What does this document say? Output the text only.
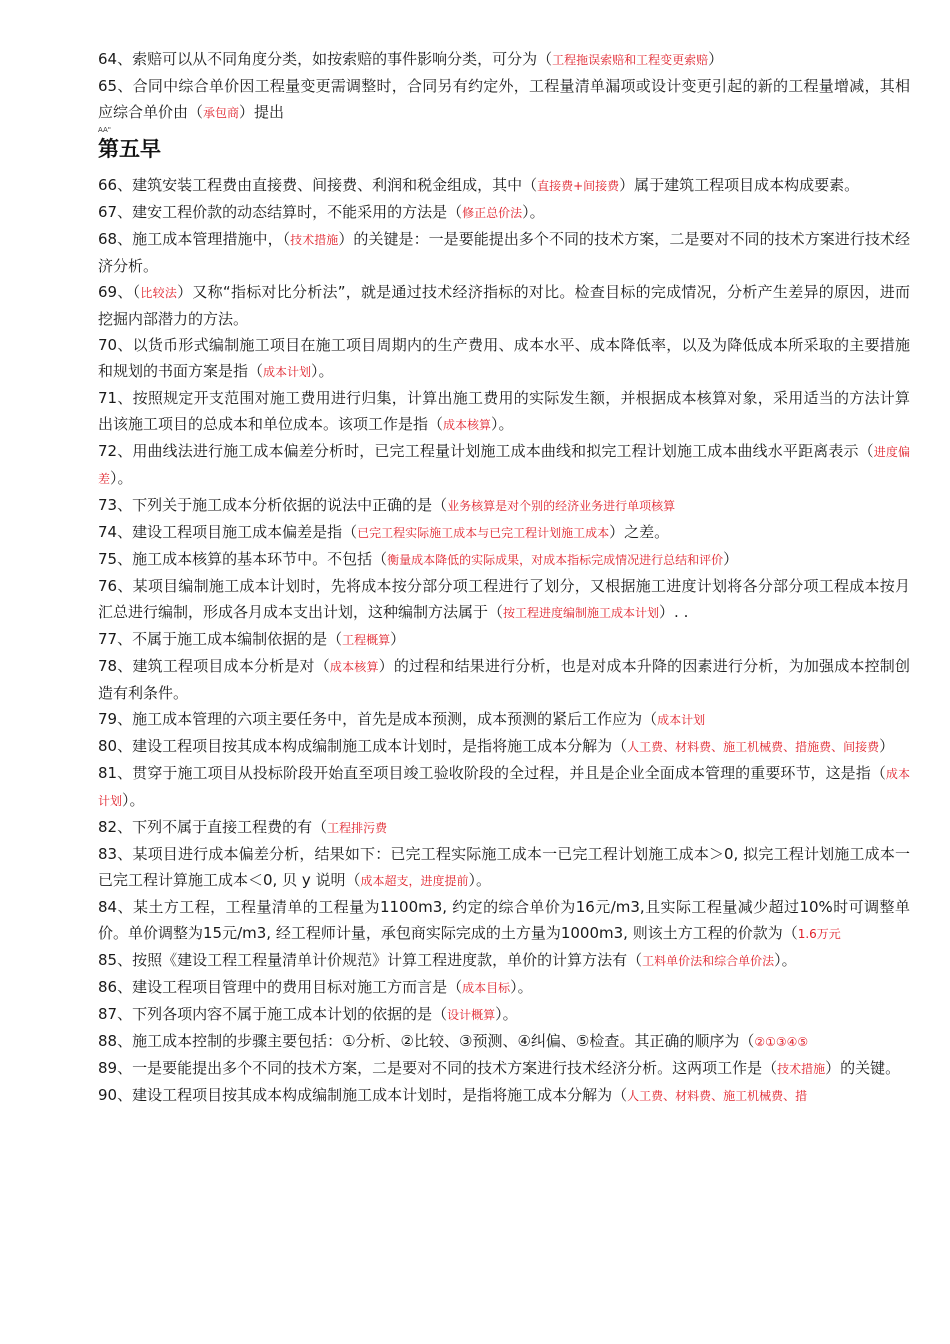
64、索赔可以从不同角度分类，如按索赔的事件影响分类，可分为（工程拖误索赔和工程变更索赔）

65、合同中综合单价因工程量变更需调整时，合同另有约定外，工程量清单漏项或设计变更引起的新的工程量增减，其相应综合单价由（承包商）提出

AA"

第五早

66、建筑安装工程费由直接费、间接费、利润和税金组成，其中（直接费+间接费）属于建筑工程项目成本构成要素。

67、建安工程价款的动态结算时，不能采用的方法是（修正总价法）。

68、施工成本管理措施中，（技术措施）的关键是：一是要能提出多个不同的技术方案，二是要对不同的技术方案进行技术经济分析。

69、（比较法）又称“指标对比分析法”，就是通过技术经济指标的对比。检查目标的完成情况，分析产生差异的原因，进而挖掘内部潜力的方法。

70、以货币形式编制施工项目在施工项目周期内的生产费用、成本水平、成本降低率，以及为降低成本所采取的主要措施和规划的书面方案是指（成本计划）。

71、按照规定开支范围对施工费用进行归集，计算出施工费用的实际发生额，并根据成本核算对象，采用适当的方法计算出该施工项目的总成本和单位成本。该项工作是指（成本核算）。

72、用曲线法进行施工成本偏差分析时，已完工程量计划施工成本曲线和拟完工程计划施工成本曲线水平距离表示（进度偏差）。

73、下列关于施工成本分析依据的说法中正确的是（业务核算是对个别的经济业务进行单项核算

74、建设工程项目施工成本偏差是指（已完工程实际施工成本与已完工程计划施工成本）之差。

75、施工成本核算的基本环节中。不包括（衡量成本降低的实际成果，对成本指标完成情况进行总结和评价）

76、某项目编制施工成本计划时，先将成本按分部分项工程进行了划分，又根据施工进度计划将各分部分项工程成本按月汇总进行编制，形成各月成本支出计划，这种编制方法属于（按工程进度编制施工成本计划）. .

77、不属于施工成本编制依据的是（工程概算）

78、建筑工程项目成本分析是对（成本核算）的过程和结果进行分析，也是对成本升降的因素进行分析，为加强成本控制创造有利条件。

79、施工成本管理的六项主要任务中，首先是成本预测，成本预测的紧后工作应为（成本计划

80、建设工程项目按其成本构成编制施工成本计划时，是指将施工成本分解为（人工费、材料费、施工机械费、措施费、间接费）

81、贯穿于施工项目从投标阶段开始直至项目竣工验收阶段的全过程，并且是企业全面成本管理的重要环节，这是指（成本计划）。

82、下列不属于直接工程费的有（工程排污费

83、某项目进行成本偏差分析，结果如下：已完工程实际施工成本一已完工程计划施工成本＞0, 拟完工程计划施工成本一已完工程计算施工成本＜0, 贝 y 说明（成本超支，进度提前）。

84、某土方工程，工程量清单的工程量为1100m3, 约定的综合单价为16元/m3,且实际工程量减少超过10%时可调整单价。单价调整为15元/m3, 经工程师计量，承包商实际完成的土方量为1000m3, 则该土方工程的价款为（1.6万元

85、按照《建设工程工程量清单计价规范》计算工程进度款，单价的计算方法有（工料单价法和综合单价法）。

86、建设工程项目管理中的费用目标对施工方而言是（成本目标）。

87、下列各项内容不属于施工成本计划的依据的是（设计概算）。

88、施工成本控制的步骤主要包括：①分析、②比较、③预测、④纠偏、⑤检查。其正确的顺序为（②①③④⑤

89、一是要能提出多个不同的技术方案，二是要对不同的技术方案进行技术经济分析。这两项工作是（技术措施）的关键。

90、建设工程项目按其成本构成编制施工成本计划时，是指将施工成本分解为（人工费、材料费、施工机械费、措
